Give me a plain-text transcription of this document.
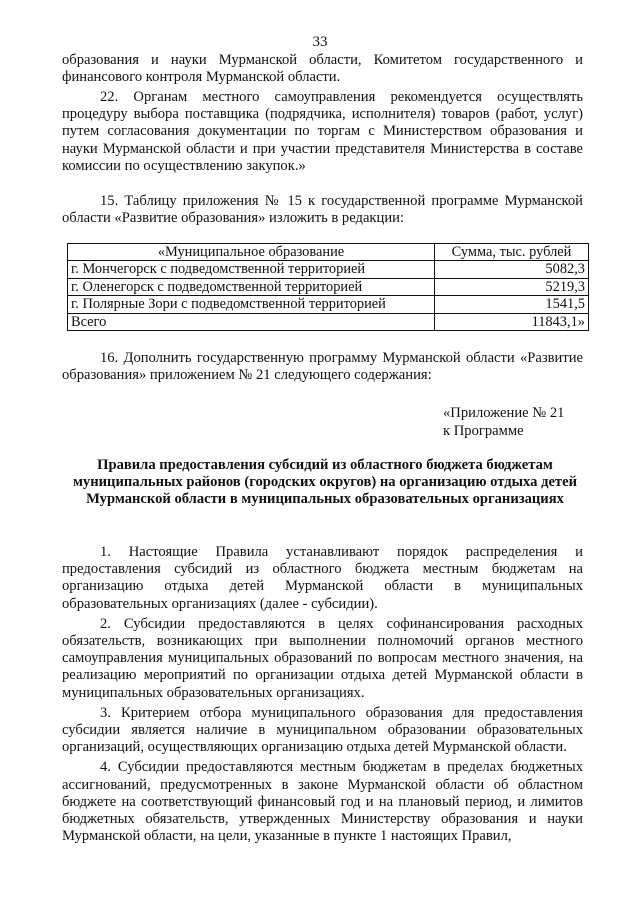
33

образования и науки Мурманской области, Комитетом государственного и финансового контроля Мурманской области.

22. Органам местного самоуправления рекомендуется осуществлять процедуру выбора поставщика (подрядчика, исполнителя) товаров (работ, услуг) путем согласования документации по торгам с Министерством образования и науки Мурманской области и при участии представителя Министерства в составе комиссии по осуществлению закупок.»

15. Таблицу приложения № 15 к государственной программе Мурманской области «Развитие образования» изложить в редакции:

«Муниципальное образование	Сумма, тыс. рублей
г. Мончегорск с подведомственной территорией	5082,3
г. Оленегорск с подведомственной территорией	5219,3
г. Полярные Зори с подведомственной территорией	1541,5
Всего	11843,1»

16. Дополнить государственную программу Мурманской области «Развитие образования» приложением № 21 следующего содержания:

«Приложение № 21
к Программе
Правила предоставления субсидий из областного бюджета бюджетам муниципальных районов (городских округов) на организацию отдыха детей Мурманской области в муниципальных образовательных организациях

1. Настоящие Правила устанавливают порядок распределения и предоставления субсидий из областного бюджета местным бюджетам на организацию отдыха детей Мурманской области в муниципальных образовательных организациях (далее - субсидии).

2. Субсидии предоставляются в целях софинансирования расходных обязательств, возникающих при выполнении полномочий органов местного самоуправления муниципальных образований по вопросам местного значения, на реализацию мероприятий по организации отдыха детей Мурманской области в муниципальных образовательных организациях.

3. Критерием отбора муниципального образования для предоставления субсидии является наличие в муниципальном образовании образовательных организаций, осуществляющих организацию отдыха детей Мурманской области.

4. Субсидии предоставляются местным бюджетам в пределах бюджетных ассигнований, предусмотренных в законе Мурманской области об областном бюджете на соответствующий финансовый год и на плановый период, и лимитов бюджетных обязательств, утвержденных Министерству образования и науки Мурманской области, на цели, указанные в пункте 1 настоящих Правил,
